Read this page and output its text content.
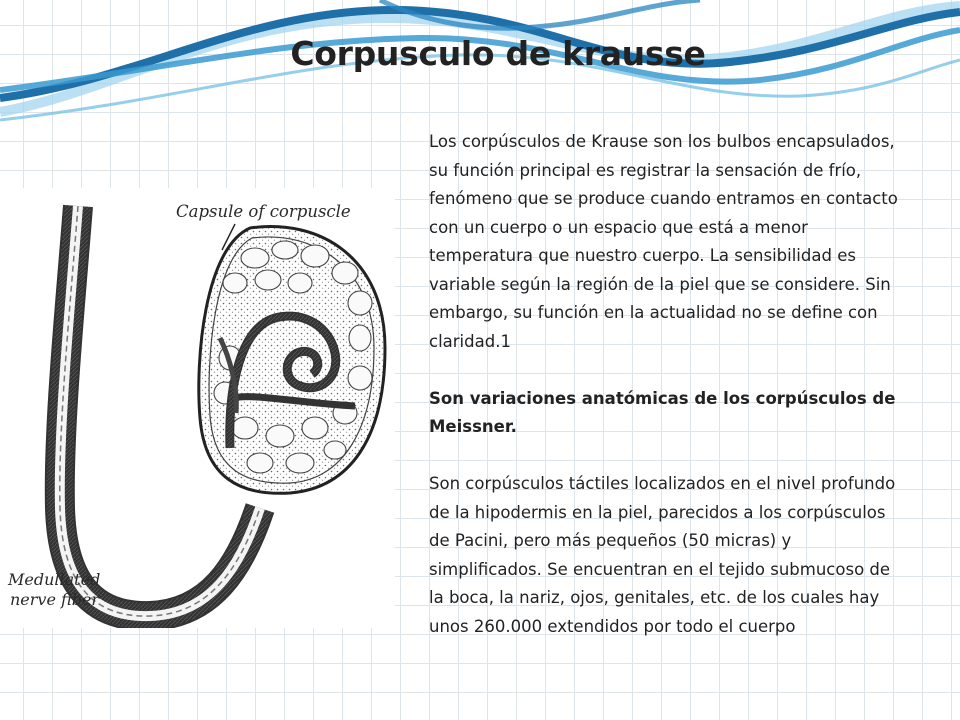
Corpusculo de krausse
Capsule of corpuscle
Medullated
nerve fiber

Los corpúsculos de Krause son los bulbos encapsulados, su función principal es registrar la sensación de frío, fenómeno que se produce cuando entramos en contacto con un cuerpo o un espacio que está a menor temperatura que nuestro cuerpo. La sensibilidad es variable según la región de la piel que se considere. Sin embargo, su función en la actualidad no se define con claridad.1

Son variaciones anatómicas de los corpúsculos de Meissner.

Son corpúsculos táctiles localizados en el nivel profundo de la hipodermis en la piel, parecidos a los corpúsculos de Pacini, pero más pequeños (50 micras) y simplificados. Se encuentran en el tejido submucoso de la boca, la nariz, ojos, genitales, etc. de los cuales hay unos 260.000 extendidos por todo el cuerpo
